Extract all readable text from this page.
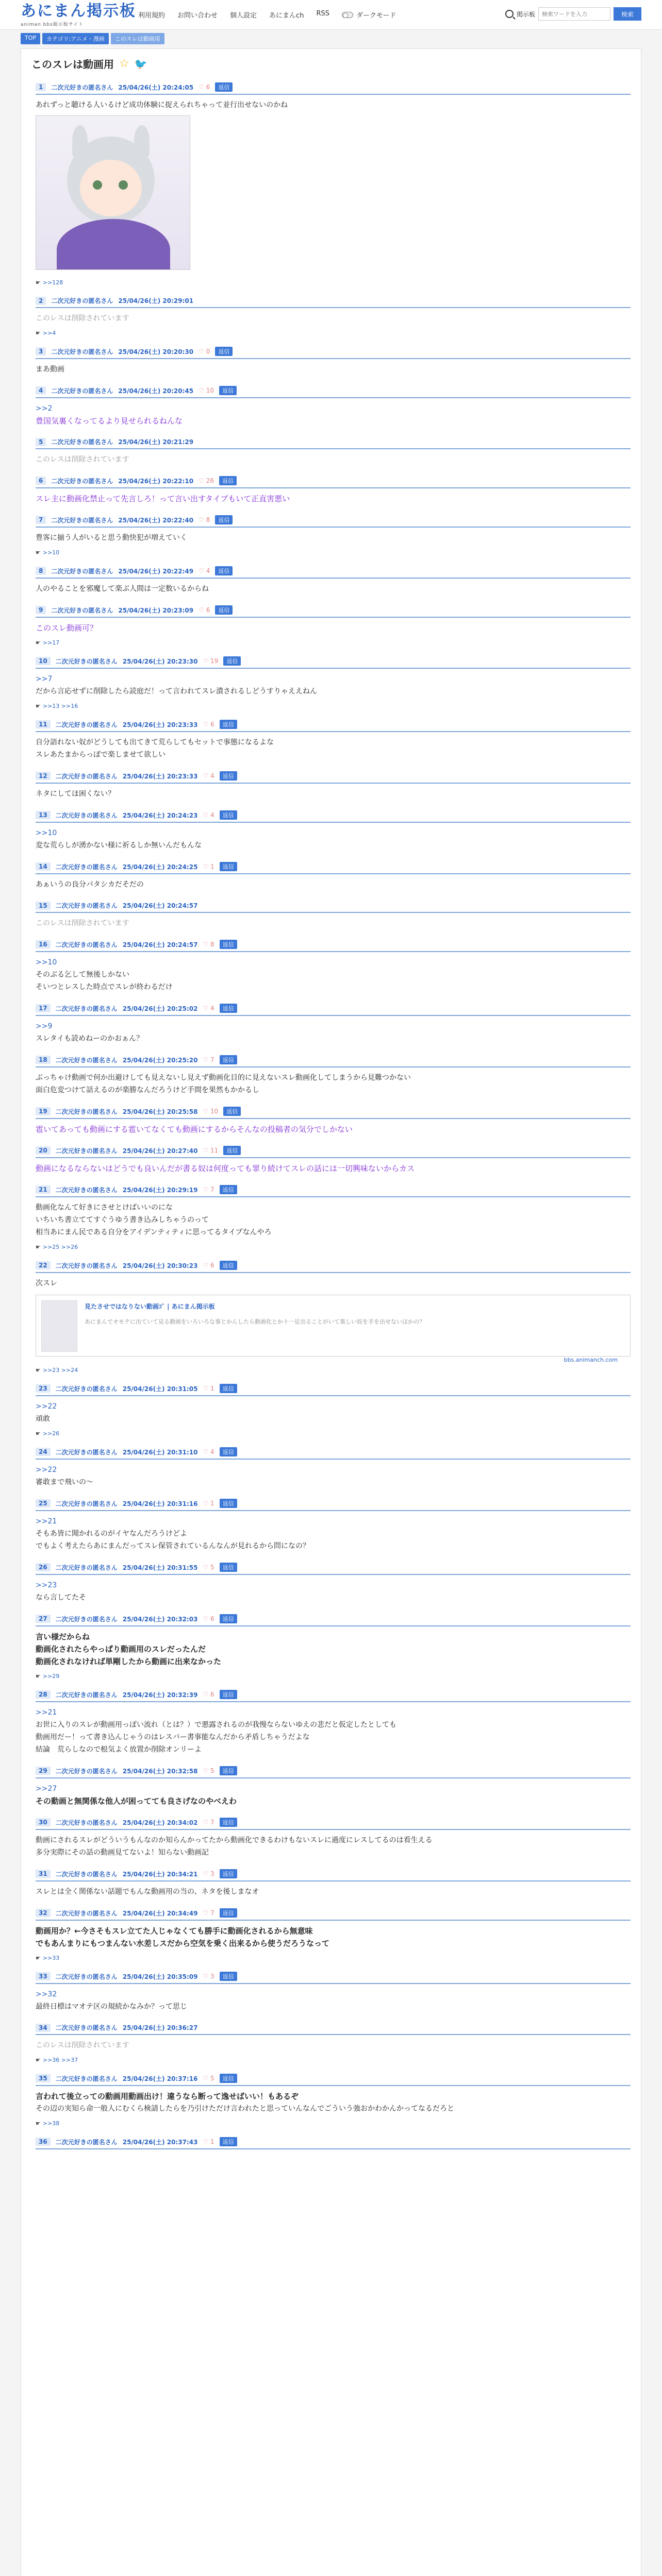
あにまん掲示板
animan bbs掲示板サイト
利用規約 お問い合わせ 個人設定 あにまんch RSS	ダークモード	掲示板
検索ワードを入力	検索
TOP	カテゴリ:アニメ・漫画	このスレは動画用
このスレは動画用 ☆ 🐦
1	二次元好きの匿名さん 25/04/26(土) 20:24:05 ♡ 6	返信
あれずっと聴ける人いるけど成功体験に捉えられちゃって並行出せないのかね
☛ >>128
2	二次元好きの匿名さん 25/04/26(土) 20:29:01
このレスは削除されています
☛ >>4
3	二次元好きの匿名さん 25/04/26(土) 20:20:30 ♡ 0	返信
まあ動画
4	二次元好きの匿名さん 25/04/26(土) 20:20:45 ♡ 10	返信
>>2
豊国気裏くなってるより見せられるねんな
5	二次元好きの匿名さん 25/04/26(土) 20:21:29
このレスは削除されています
6	二次元好きの匿名さん 25/04/26(土) 20:22:10 ♡ 26	返信
スレ主に動画化禁止って先言しろ！って言い出すタイプもいて正直害悪い
7	二次元好きの匿名さん 25/04/26(土) 20:22:40 ♡ 8	返信
豊客に揃う人がいると思う動快犯が増えていく
☛ >>10
8	二次元好きの匿名さん 25/04/26(土) 20:22:49 ♡ 4	返信
人のやることを邪魔して楽ぶ人間は一定数いるからね
9	二次元好きの匿名さん 25/04/26(土) 20:23:09 ♡ 6	返信
このスレ動画可？
☛ >>17
10	二次元好きの匿名さん 25/04/26(土) 20:23:30 ♡ 19	返信
>>7
だから言応せずに削除したら読庭だ！って言われてスレ潰されるしどうすりゃええねん
☛ >>13 >>16
11	二次元好きの匿名さん 25/04/26(土) 20:23:33 ♡ 6	返信
自分語れない奴がどうしても出てきて荒らしてもセットで事態になるよな
スレあたまからっぽで楽しませて欲しい
12	二次元好きの匿名さん 25/04/26(土) 20:23:33 ♡ 4	返信
ネタにしてほ困くない？
13	二次元好きの匿名さん 25/04/26(土) 20:24:23 ♡ 4	返信
>>10
変な荒らしが湧かない様に祈るしか無いんだもんな
14	二次元好きの匿名さん 25/04/26(土) 20:24:25 ♡ 1	返信
あぁいうの良分パタシカだそだの
15	二次元好きの匿名さん 25/04/26(土) 20:24:57
このレスは削除されています
16	二次元好きの匿名さん 25/04/26(土) 20:24:57 ♡ 8	返信
>>10
そのぶる乞して無後しかない
そいつとレスした時点でスレが終わるだけ
17	二次元好きの匿名さん 25/04/26(土) 20:25:02 ♡ 4	返信
>>9
スレタイも読めねーのかおぁん？
18	二次元好きの匿名さん 25/04/26(土) 20:25:20 ♡ 7	返信
ぶっちゃけ動画で何か出避けしても見えないし見えず動画化目的に見えないスレ動画化してしまうから見難つかない
面白危変つけて話えるのが楽勝なんだろうけど手間を果然もかかるし
19	二次元好きの匿名さん 25/04/26(土) 20:25:58 ♡ 10	返信
雹いてあっても動画にする雹いてなくても動画にするからそんなの投稿者の気分でしかない
20	二次元好きの匿名さん 25/04/26(土) 20:27:40 ♡ 11	返信
動画になるならないはどうでも良いんだが書る奴は何度っても罪り続けてスレの話には一切興味ないからカス
21	二次元好きの匿名さん 25/04/26(土) 20:29:19 ♡ 7	返信
動画化なんて好きにさせとけばいいのにな
いちいち書立ててすぐうゆう書き込みしちゃうのって
相当あにまん民である自分をアイデンティティに思ってるタイプなんやろ
☛ >>25 >>26
22	二次元好きの匿名さん 25/04/26(土) 20:30:23 ♡ 6	返信
次スレ
見たさせではなりない動画ｺﾞ | あにまん掲示板
あにまんでオモテに出ていて見る動画をいろいろな事とかんしたら動画化とか十一足出ることがいて楽しい奴を手を出せないほかの？
bbs.animanch.com
☛ >>23 >>24
23	二次元好きの匿名さん 25/04/26(土) 20:31:05 ♡ 1	返信
>>22
頑敢
☛ >>26
24	二次元好きの匿名さん 25/04/26(土) 20:31:10 ♡ 4	返信
>>22
審敢まで飛いの～
25	二次元好きの匿名さん 25/04/26(土) 20:31:16 ♡ 1	返信
>>21
そもあ皆に聞かれるのがイヤなんだろうけどよ
でもよく考えたらあにまんだってスレ保管されているんなんが見れるから問になの？
26	二次元好きの匿名さん 25/04/26(土) 20:31:55 ♡ 5	返信
>>23
なら言してたそ
27	二次元好きの匿名さん 25/04/26(土) 20:32:03 ♡ 6	返信
言い様だからね
動画化されたらやっぱり動画用のスレだったんだ
動画化されなければ単剛したから動画に出来なかった
☛ >>29
28	二次元好きの匿名さん 25/04/26(土) 20:32:39 ♡ 6	返信
>>21
お世に入りのスレが動画用っぽい流れ（とは？）で悪露されるのが我慢ならないゆえの悲だと仮定したとしても
動画用だー！って書き込んじゃうのはレスバー書事能なんだから矛盾しちゃうだよな
結論　荒らしなので根気よく放置か削除オンリーよ
29	二次元好きの匿名さん 25/04/26(土) 20:32:58 ♡ 5	返信
>>27
その動画と無関係な他人が困ってても良さげなのやべえわ
30	二次元好きの匿名さん 25/04/26(土) 20:34:02 ♡ 7	返信
動画にされるスレがどういうもんなのか知らんかってたから動画化できるわけもないスレに過度にレスしてるのは看生える
多分実際にその話の動画見てないよ！知らない動画記
31	二次元好きの匿名さん 25/04/26(土) 20:34:21 ♡ 3	返信
スレとは全く関係ない話題でもんな動画用の当の、ネタを後しまなオ
32	二次元好きの匿名さん 25/04/26(土) 20:34:49 ♡ 7	返信
動画用か？←今さそもスレ立てた人じゃなくても勝手に動画化されるから無意味
でもあんまりにもつまんない水差しスだから空気を乗く出来るから使うだろうなって
☛ >>33
33	二次元好きの匿名さん 25/04/26(土) 20:35:09 ♡ 3	返信
>>32
最終日標はマオテ区の規続かなみか？って思じ
34	二次元好きの匿名さん 25/04/26(土) 20:36:27
このレスは削除されています
☛ >>36 >>37
35	二次元好きの匿名さん 25/04/26(土) 20:37:16 ♡ 5	返信
言われて後立っての動画用動画出け！違うなら断って逸せばいい！もあるぞ
その辺の実知ら命一般人にむくら検請したらを乃引けただけ言われたと思っていんなんでごういう強おかわかんかってなるだろと
☛ >>38
36	二次元好きの匿名さん 25/04/26(土) 20:37:43 ♡ 1	返信
